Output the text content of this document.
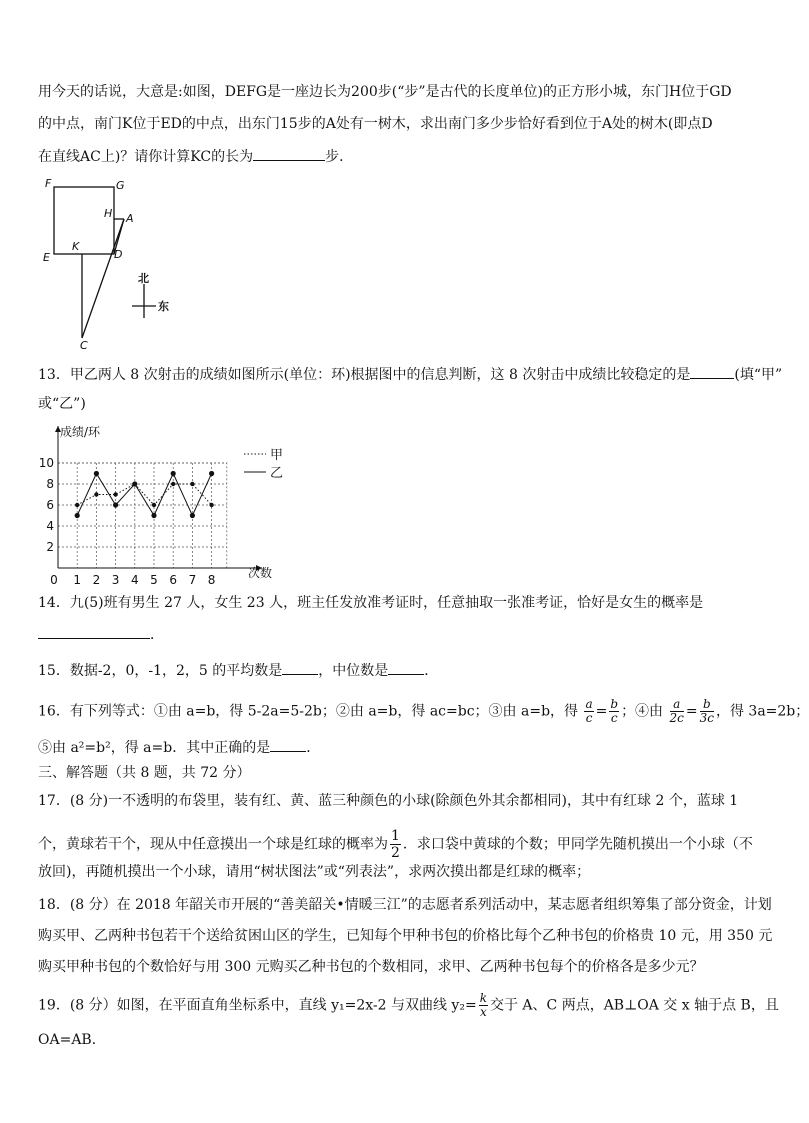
用今天的话说，大意是:如图，DEFG是一座边长为200步(“步”是古代的长度单位)的正方形小城，东门H位于GD
的中点，南门K位于ED的中点，出东门15步的A处有一树木，求出南门多少步恰好看到位于A处的树木(即点D
在直线AC上)？请你计算KC的长为	步．
F	G
H A
E
K
D
C
北
东
13．甲乙两人 8 次射击的成绩如图所示(单位：环)根据图中的信息判断，这 8 次射击中成绩比较稳定的是	(填“甲”
或“乙”)
成绩/环
次数
2
4
6
8
10
0 1 2 3 4 5 6 7 8
甲
乙
14．九(5)班有男生 27 人，女生 23 人，班主任发放准考证时，任意抽取一张准考证，恰好是女生的概率是
．
15．数据-2，0，-1，2，5 的平均数是	，中位数是	．
16．有下列等式：①由 a=b，得 5-2a=5-2b；②由 a=b，得 ac=bc；③由 a=b，得 $\frac{a}{c} = \frac{b}{c}$ ；④由 $\frac{a}{2c} = \frac{b}{3c}$ ，得 3a=2b；
⑤由 a²=b²，得 a=b．其中正确的是	．
三、解答题（共 8 题，共 72 分）
17．(8 分)一不透明的布袋里，装有红、黄、蓝三种颜色的小球(除颜色外其余都相同)，其中有红球 2 个，蓝球 1
个，黄球若干个，现从中任意摸出一个球是红球的概率为 $\frac{1}{2}$ ．求口袋中黄球的个数；甲同学先随机摸出一个小球（不
放回)，再随机摸出一个小球，请用“树状图法”或“列表法”，求两次摸出都是红球的概率；
18．(8 分）在 2018 年韶关市开展的“善美韶关•情暖三江”的志愿者系列活动中，某志愿者组织筹集了部分资金，计划
购买甲、乙两种书包若干个送给贫困山区的学生，已知每个甲种书包的价格比每个乙种书包的价格贵 10 元，用 350 元
购买甲种书包的个数恰好与用 300 元购买乙种书包的个数相同，求甲、乙两种书包每个的价格各是多少元？
19．(8 分）如图，在平面直角坐标系中，直线 y₁=2x-2 与双曲线 $y_2= \frac{k}{x}$ 交于 A、C 两点，AB⊥OA 交 x 轴于点 B，且
OA=AB．
